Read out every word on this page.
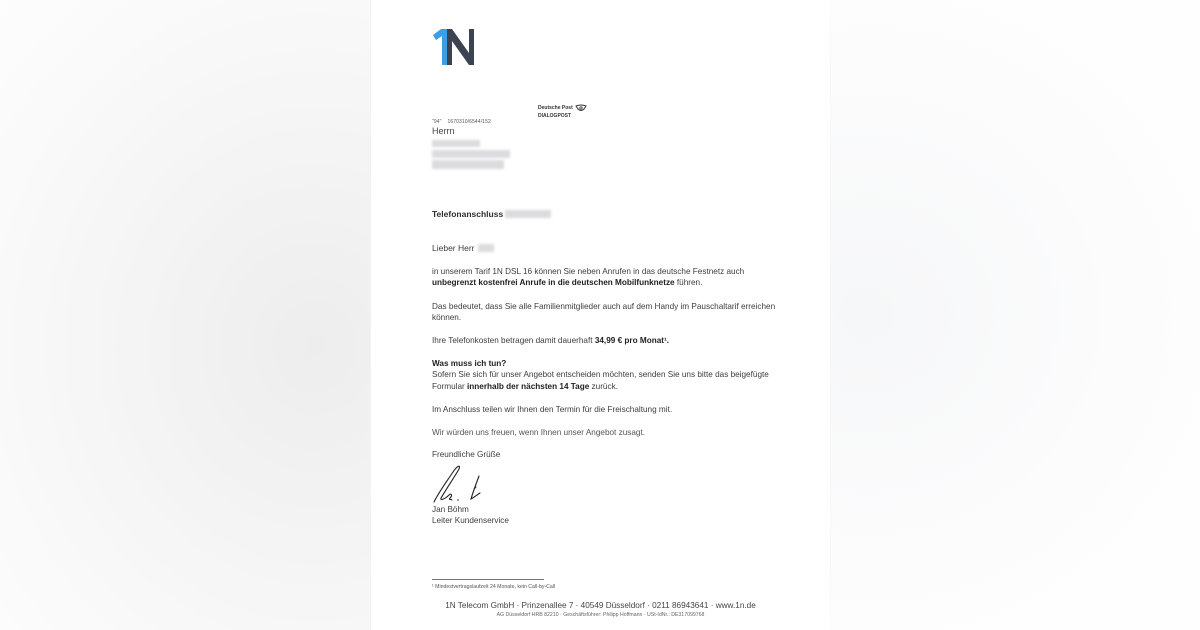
Deutsche Post
DIALOGPOST
"94" 1670310/6544/152
Herrn
Telefonanschluss
Lieber Herr
in unserem Tarif 1N DSL 16 können Sie neben Anrufen in das deutsche Festnetz auch unbegrenzt kostenfrei Anrufe in die deutschen Mobilfunknetze führen.
Das bedeutet, dass Sie alle Familienmitglieder auch auf dem Handy im Pauschaltarif erreichen können.
Ihre Telefonkosten betragen damit dauerhaft 34,99 € pro Monat¹.
Was muss ich tun?
Sofern Sie sich für unser Angebot entscheiden möchten, senden Sie uns bitte das beigefügte Formular innerhalb der nächsten 14 Tage zurück.
Im Anschluss teilen wir Ihnen den Termin für die Freischaltung mit.
Wir würden uns freuen, wenn Ihnen unser Angebot zusagt.
Freundliche Grüße
Jan Böhm
Leiter Kundenservice
¹ Mindestvertragslaufzeit 24 Monate, kein Call-by-Call
1N Telecom GmbH · Prinzenallee 7 · 40549 Düsseldorf · 0211 86943641 · www.1n.de
AG Düsseldorf HRB 82210 · Geschäftsführer: Philipp Hoffmann · USt-IdNr.: DE317099768
